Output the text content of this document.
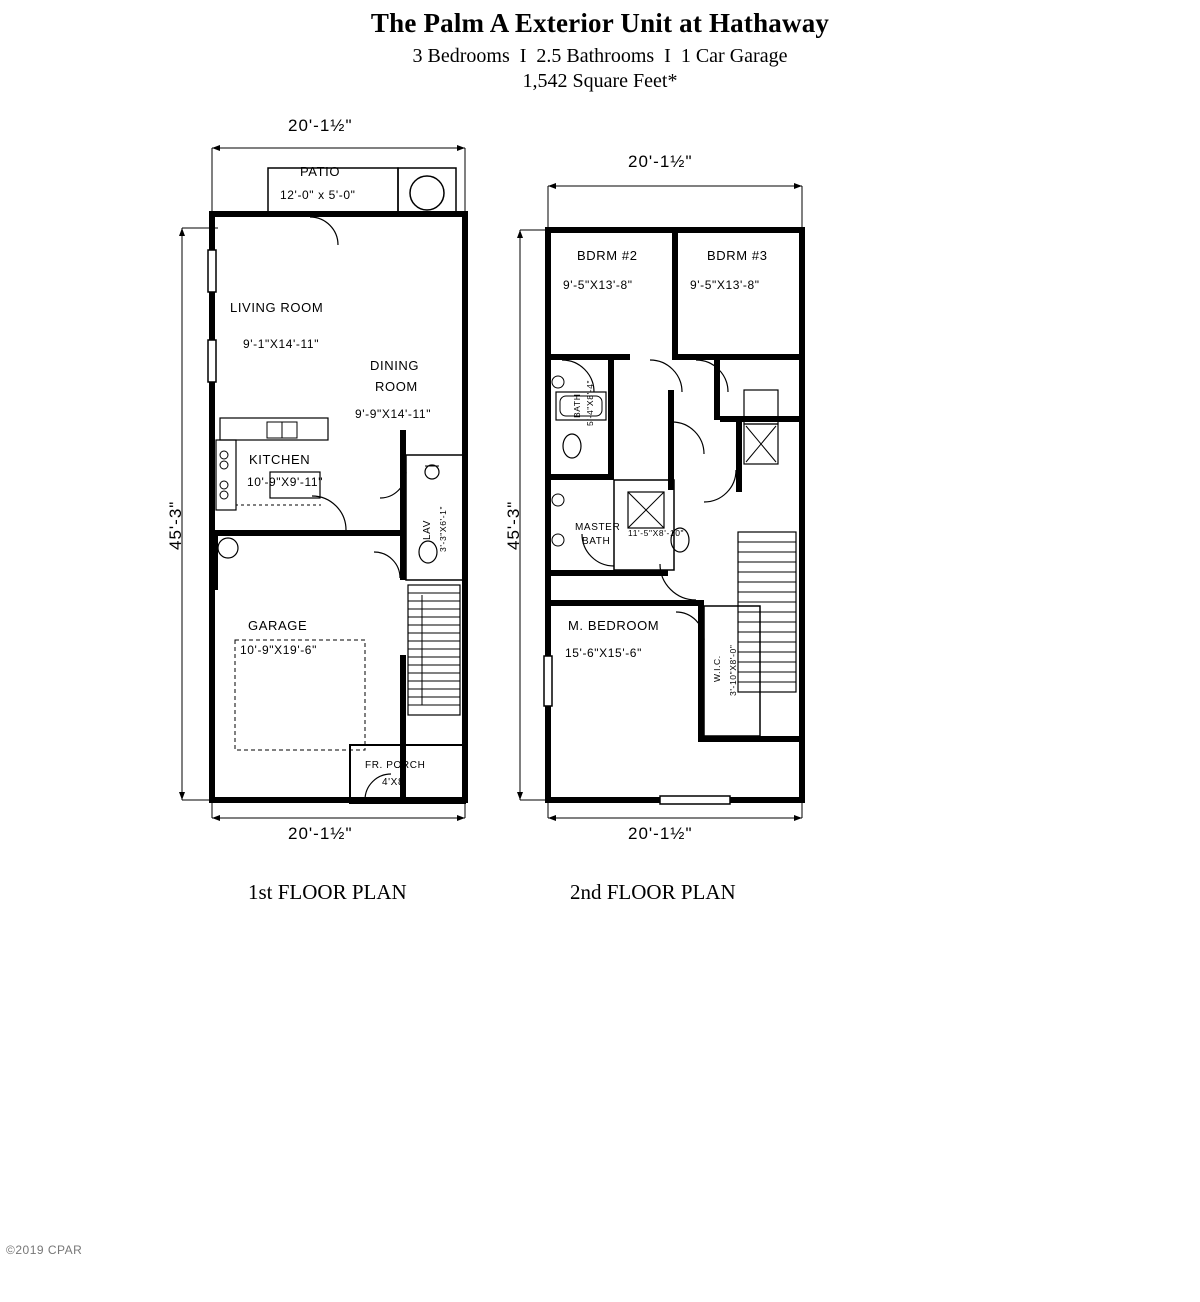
The Palm A Exterior Unit at Hathaway
3 Bedrooms  I  2.5 Bathrooms  I  1 Car Garage
1,542 Square Feet*
20'-1½"
45'-3"
20'-1½"
PATIO
12'-0" x 5'-0"
LIVING ROOM
9'-1"X14'-11"
DINING
ROOM
9'-9"X14'-11"
KITCHEN
10'-9"X9'-11"
LAV 3'-3"X6'-1"
GARAGE
10'-9"X19'-6"
FR. PORCH
4'X8'
1st FLOOR PLAN
20'-1½"
45'-3"
20'-1½"
BDRM #2
9'-5"X13'-8"
BDRM #3
9'-5"X13'-8"
BATH 5'-4"X8'-4"
MASTER
BATH
11'-5"X8'-10"
M. BEDROOM
15'-6"X15'-6"
W.I.C. 3'-10"X8'-0"
2nd FLOOR PLAN
©2019 CPAR
